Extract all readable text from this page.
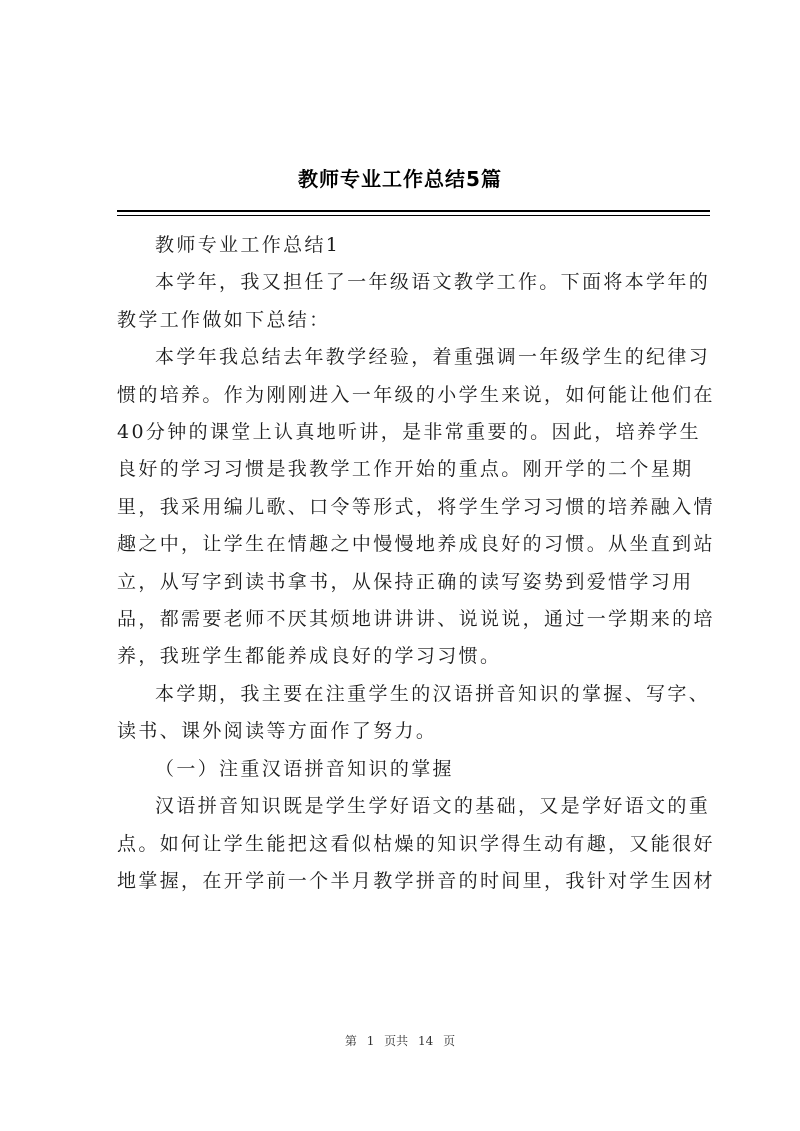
教师专业工作总结5篇
教师专业工作总结1
本学年，我又担任了一年级语文教学工作。下面将本学年的
教学工作做如下总结：
本学年我总结去年教学经验，着重强调一年级学生的纪律习
惯的培养。作为刚刚进入一年级的小学生来说，如何能让他们在
40分钟的课堂上认真地听讲，是非常重要的。因此，培养学生
良好的学习习惯是我教学工作开始的重点。刚开学的二个星期
里，我采用编儿歌、口令等形式，将学生学习习惯的培养融入情
趣之中，让学生在情趣之中慢慢地养成良好的习惯。从坐直到站
立，从写字到读书拿书，从保持正确的读写姿势到爱惜学习用
品，都需要老师不厌其烦地讲讲讲、说说说，通过一学期来的培
养，我班学生都能养成良好的学习习惯。
本学期，我主要在注重学生的汉语拼音知识的掌握、写字、
读书、课外阅读等方面作了努力。
（一）注重汉语拼音知识的掌握
汉语拼音知识既是学生学好语文的基础，又是学好语文的重
点。如何让学生能把这看似枯燥的知识学得生动有趣，又能很好
地掌握，在开学前一个半月教学拼音的时间里，我针对学生因材
第 1 页共 14 页
